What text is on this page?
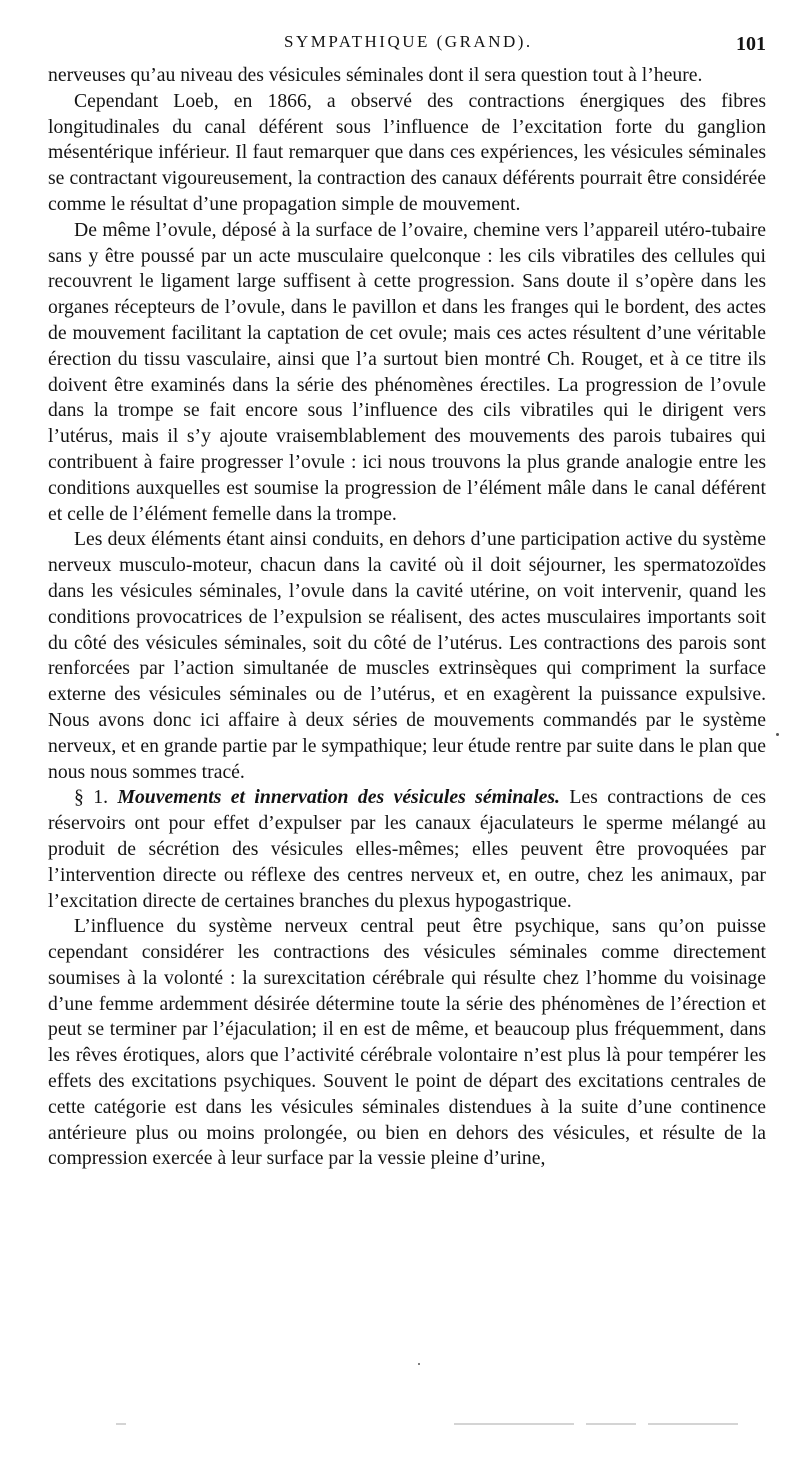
SYMPATHIQUE (GRAND).	101

nerveuses qu’au niveau des vésicules séminales dont il sera question tout à l’heure.

Cependant Loeb, en 1866, a observé des contractions énergiques des fibres longitudinales du canal déférent sous l’influence de l’excitation forte du ganglion mésentérique inférieur. Il faut remarquer que dans ces expériences, les vésicules séminales se contractant vigoureusement, la contraction des canaux déférents pourrait être considérée comme le résultat d’une propagation simple de mouvement.

De même l’ovule, déposé à la surface de l’ovaire, chemine vers l’appareil utéro-tubaire sans y être poussé par un acte musculaire quelconque : les cils vibratiles des cellules qui recouvrent le ligament large suffisent à cette progression. Sans doute il s’opère dans les organes récepteurs de l’ovule, dans le pavillon et dans les franges qui le bordent, des actes de mouvement facilitant la captation de cet ovule; mais ces actes résultent d’une véritable érection du tissu vasculaire, ainsi que l’a surtout bien montré Ch. Rouget, et à ce titre ils doivent être examinés dans la série des phénomènes érectiles. La progression de l’ovule dans la trompe se fait encore sous l’influence des cils vibratiles qui le dirigent vers l’utérus, mais il s’y ajoute vraisemblablement des mouvements des parois tubaires qui contribuent à faire progresser l’ovule : ici nous trouvons la plus grande analogie entre les conditions auxquelles est soumise la progression de l’élément mâle dans le canal déférent et celle de l’élément femelle dans la trompe.

Les deux éléments étant ainsi conduits, en dehors d’une participation active du système nerveux musculo-moteur, chacun dans la cavité où il doit séjourner, les spermatozoïdes dans les vésicules séminales, l’ovule dans la cavité utérine, on voit intervenir, quand les conditions provocatrices de l’expulsion se réalisent, des actes musculaires importants soit du côté des vésicules séminales, soit du côté de l’utérus. Les contractions des parois sont renforcées par l’action simultanée de muscles extrinsèques qui compriment la surface externe des vésicules séminales ou de l’utérus, et en exagèrent la puissance expulsive. Nous avons donc ici affaire à deux séries de mouvements commandés par le système nerveux, et en grande partie par le sympathique; leur étude rentre par suite dans le plan que nous nous sommes tracé.

§ 1. Mouvements et innervation des vésicules séminales. Les contractions de ces réservoirs ont pour effet d’expulser par les canaux éjaculateurs le sperme mélangé au produit de sécrétion des vésicules elles-mêmes; elles peuvent être provoquées par l’intervention directe ou réflexe des centres nerveux et, en outre, chez les animaux, par l’excitation directe de certaines branches du plexus hypogastrique.

L’influence du système nerveux central peut être psychique, sans qu’on puisse cependant considérer les contractions des vésicules séminales comme directement soumises à la volonté : la surexcitation cérébrale qui résulte chez l’homme du voisinage d’une femme ardemment désirée détermine toute la série des phénomènes de l’érection et peut se terminer par l’éjaculation; il en est de même, et beaucoup plus fréquemment, dans les rêves érotiques, alors que l’activité cérébrale volontaire n’est plus là pour tempérer les effets des excitations psychiques. Souvent le point de départ des excitations centrales de cette catégorie est dans les vésicules séminales distendues à la suite d’une continence antérieure plus ou moins prolongée, ou bien en dehors des vésicules, et résulte de la compression exercée à leur surface par la vessie pleine d’urine,
